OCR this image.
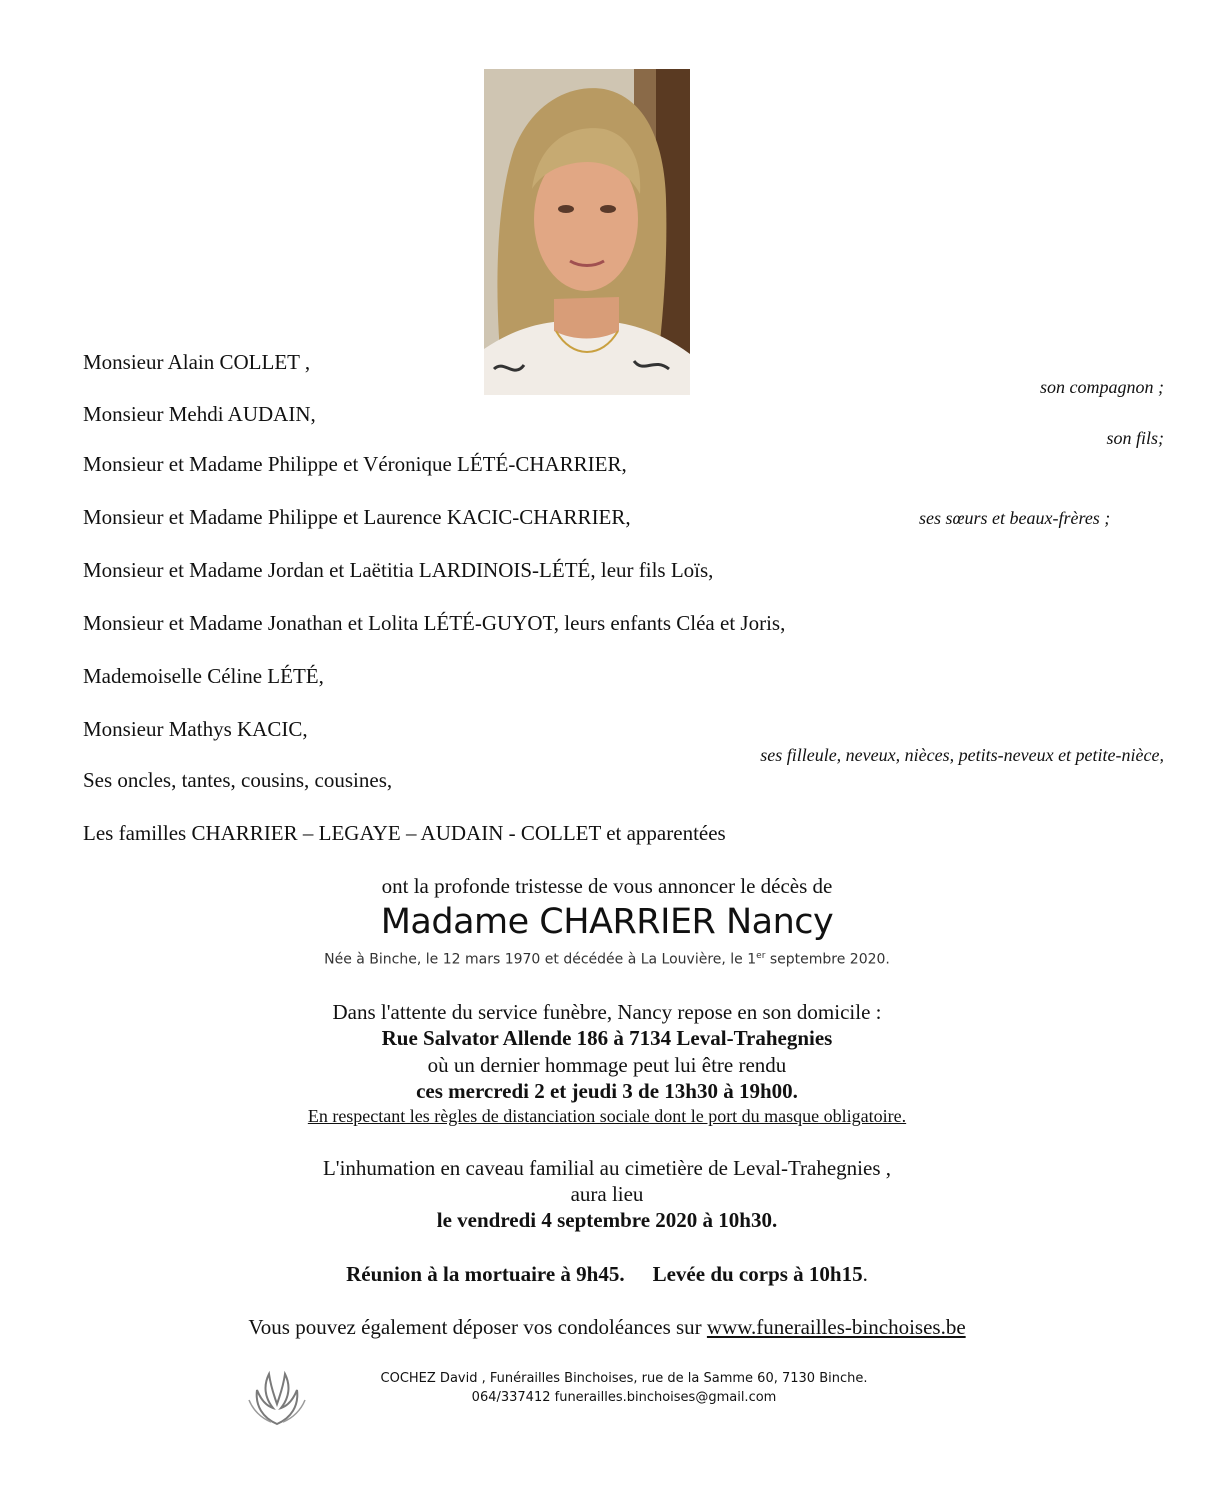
Monsieur Alain COLLET ,
son compagnon ;
Monsieur Mehdi AUDAIN,
son fils;
Monsieur et Madame Philippe et Véronique LÉTÉ-CHARRIER,
Monsieur et Madame Philippe et Laurence KACIC-CHARRIER,	ses sœurs et beaux-frères ;
Monsieur et Madame Jordan et Laëtitia LARDINOIS-LÉTÉ, leur fils Loïs,
Monsieur et Madame Jonathan et Lolita LÉTÉ-GUYOT, leurs enfants Cléa et Joris,
Mademoiselle Céline LÉTÉ,
Monsieur Mathys KACIC,
ses filleule, neveux, nièces, petits-neveux et petite-nièce,
Ses oncles, tantes, cousins, cousines,
Les familles CHARRIER – LEGAYE – AUDAIN - COLLET et apparentées
ont la profonde tristesse de vous annoncer le décès de
Madame CHARRIER Nancy
Née à Binche, le 12 mars 1970 et décédée à La Louvière, le 1er septembre 2020.
Dans l'attente du service funèbre, Nancy repose en son domicile :
Rue Salvator Allende 186 à 7134 Leval-Trahegnies
où un dernier hommage peut lui être rendu
ces mercredi 2 et jeudi 3 de 13h30 à 19h00.
En respectant les règles de distanciation sociale dont le port du masque obligatoire.
L'inhumation en caveau familial au cimetière de Leval-Trahegnies ,
aura lieu
le vendredi 4 septembre 2020 à 10h30.
Réunion à la mortuaire à 9h45. Levée du corps à 10h15.
Vous pouvez également déposer vos condoléances sur www.funerailles-binchoises.be
COCHEZ David , Funérailles Binchoises, rue de la Samme 60, 7130 Binche.
064/337412 funerailles.binchoises@gmail.com
